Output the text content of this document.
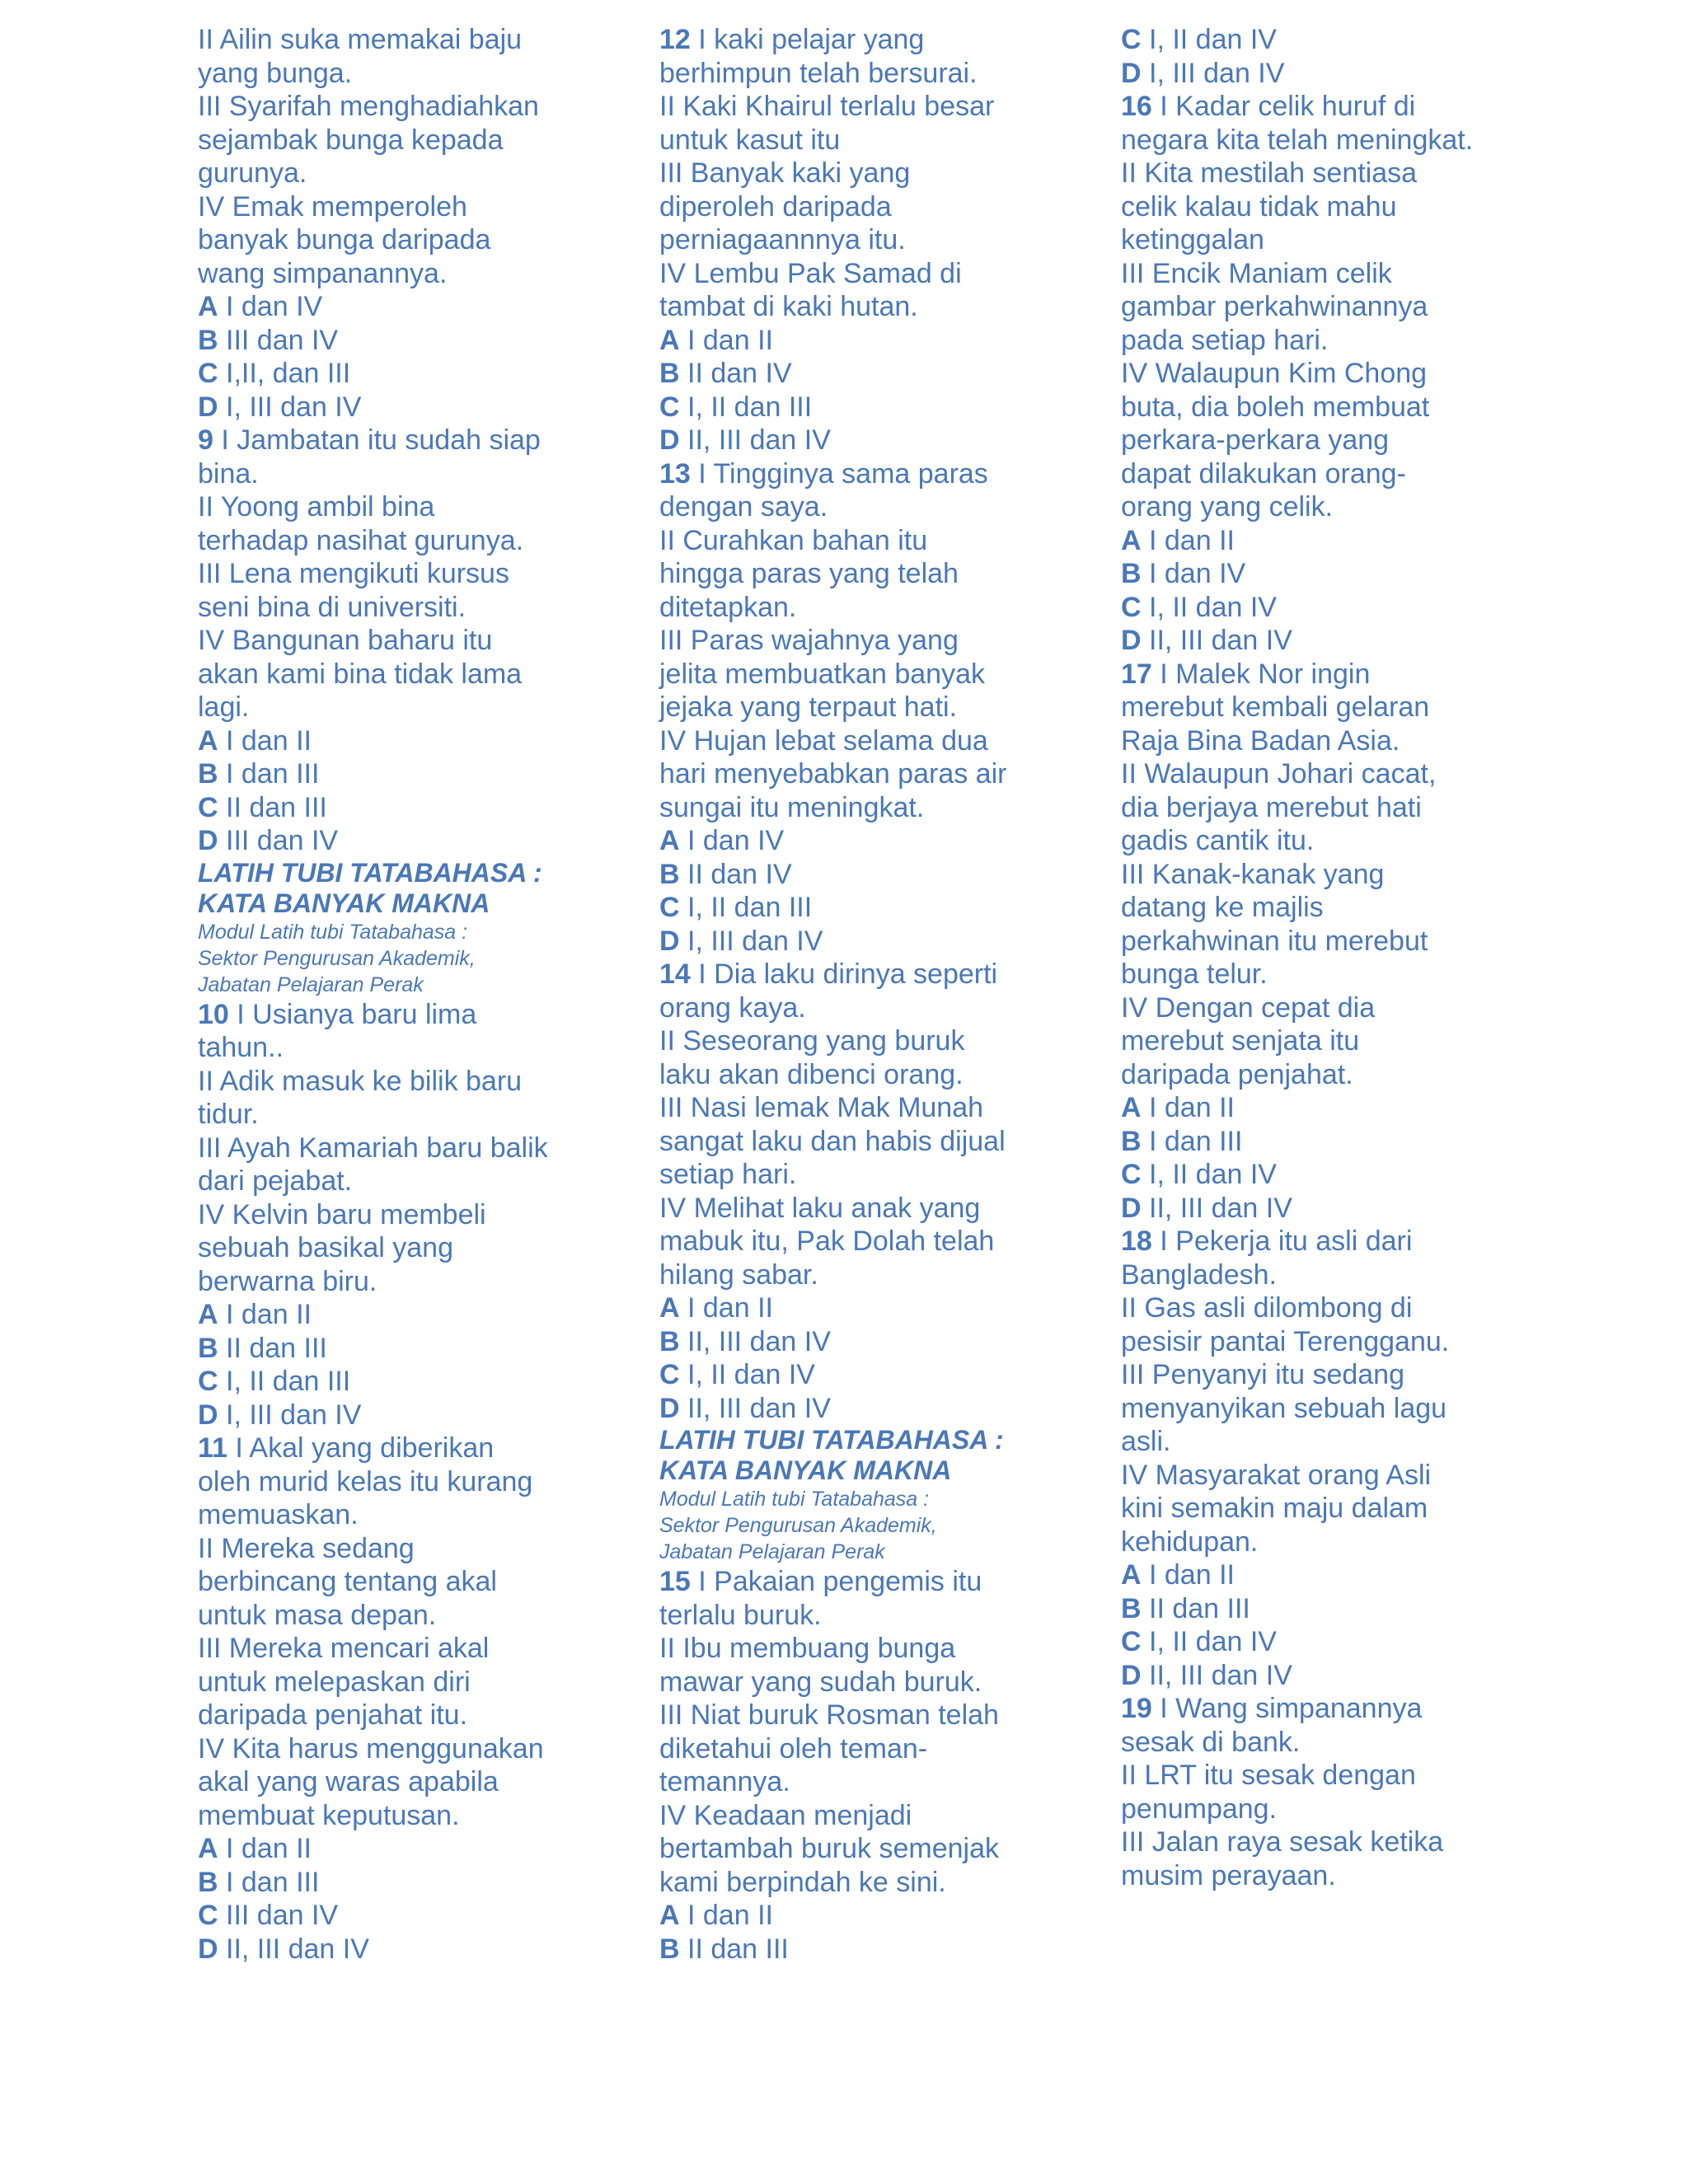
II Ailin suka memakai baju
yang bunga.
III Syarifah menghadiahkan
sejambak bunga kepada
gurunya.
IV Emak memperoleh
banyak bunga daripada
wang simpanannya.
A I dan IV
B III dan IV
C I,II, dan III
D I, III dan IV
9 I Jambatan itu sudah siap
bina.
II Yoong ambil bina
terhadap nasihat gurunya.
III Lena mengikuti kursus
seni bina di universiti.
IV Bangunan baharu itu
akan kami bina tidak lama
lagi.
A I dan II
B I dan III
C II dan III
D III dan IV
LATIH TUBI TATABAHASA :
KATA BANYAK MAKNA
Modul Latih tubi Tatabahasa :
Sektor Pengurusan Akademik,
Jabatan Pelajaran Perak
10 I Usianya baru lima
tahun..
II Adik masuk ke bilik baru
tidur.
III Ayah Kamariah baru balik
dari pejabat.
IV Kelvin baru membeli
sebuah basikal yang
berwarna biru.
A I dan II
B II dan III
C I, II dan III
D I, III dan IV
11 I Akal yang diberikan
oleh murid kelas itu kurang
memuaskan.
II Mereka sedang
berbincang tentang akal
untuk masa depan.
III Mereka mencari akal
untuk melepaskan diri
daripada penjahat itu.
IV Kita harus menggunakan
akal yang waras apabila
membuat keputusan.
A I dan II
B I dan III
C III dan IV
D II, III dan IV
12 I kaki pelajar yang
berhimpun telah bersurai.
II Kaki Khairul terlalu besar
untuk kasut itu
III Banyak kaki yang
diperoleh daripada
perniagaannnya itu.
IV Lembu Pak Samad di
tambat di kaki hutan.
A I dan II
B II dan IV
C I, II dan III
D II, III dan IV
13 I Tingginya sama paras
dengan saya.
II Curahkan bahan itu
hingga paras yang telah
ditetapkan.
III Paras wajahnya yang
jelita membuatkan banyak
jejaka yang terpaut hati.
IV Hujan lebat selama dua
hari menyebabkan paras air
sungai itu meningkat.
A I dan IV
B II dan IV
C I, II dan III
D I, III dan IV
14 I Dia laku dirinya seperti
orang kaya.
II Seseorang yang buruk
laku akan dibenci orang.
III Nasi lemak Mak Munah
sangat laku dan habis dijual
setiap hari.
IV Melihat laku anak yang
mabuk itu, Pak Dolah telah
hilang sabar.
A I dan II
B II, III dan IV
C I, II dan IV
D II, III dan IV
LATIH TUBI TATABAHASA :
KATA BANYAK MAKNA
Modul Latih tubi Tatabahasa :
Sektor Pengurusan Akademik,
Jabatan Pelajaran Perak
15 I Pakaian pengemis itu
terlalu buruk.
II Ibu membuang bunga
mawar yang sudah buruk.
III Niat buruk Rosman telah
diketahui oleh teman-
temannya.
IV Keadaan menjadi
bertambah buruk semenjak
kami berpindah ke sini.
A I dan II
B II dan III
C I, II dan IV
D I, III dan IV
16 I Kadar celik huruf di
negara kita telah meningkat.
II Kita mestilah sentiasa
celik kalau tidak mahu
ketinggalan
III Encik Maniam celik
gambar perkahwinannya
pada setiap hari.
IV Walaupun Kim Chong
buta, dia boleh membuat
perkara-perkara yang
dapat dilakukan orang-
orang yang celik.
A I dan II
B I dan IV
C I, II dan IV
D II, III dan IV
17 I Malek Nor ingin
merebut kembali gelaran
Raja Bina Badan Asia.
II Walaupun Johari cacat,
dia berjaya merebut hati
gadis cantik itu.
III Kanak-kanak yang
datang ke majlis
perkahwinan itu merebut
bunga telur.
IV Dengan cepat dia
merebut senjata itu
daripada penjahat.
A I dan II
B I dan III
C I, II dan IV
D II, III dan IV
18 I Pekerja itu asli dari
Bangladesh.
II Gas asli dilombong di
pesisir pantai Terengganu.
III Penyanyi itu sedang
menyanyikan sebuah lagu
asli.
IV Masyarakat orang Asli
kini semakin maju dalam
kehidupan.
A I dan II
B II dan III
C I, II dan IV
D II, III dan IV
19 I Wang simpanannya
sesak di bank.
II LRT itu sesak dengan
penumpang.
III Jalan raya sesak ketika
musim perayaan.
